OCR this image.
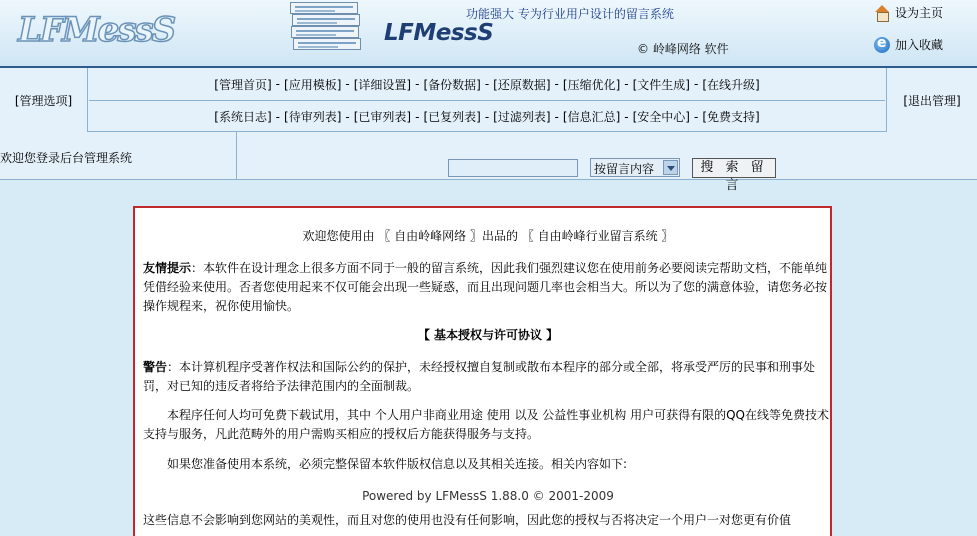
LFMessS	LFMessS
功能强大 专为行业用户设计的留言系统
© 岭峰网络 软件
设为主页
e
加入收藏
[管理选项]
[管理首页] - [应用模板] - [详细设置] - [备份数据] - [还原数据] - [压缩优化] - [文件生成] - [在线升级]
[系统日志] - [待审列表] - [已审列表] - [已复列表] - [过滤列表] - [信息汇总] - [安全中心] - [免费支持]
[退出管理]
欢迎您登录后台管理系统
按留言内容	搜 索 留 言

欢迎您使用由 〖 自由岭峰网络 〗出品的 〖 自由岭峰行业留言系统 〗

友情提示：本软件在设计理念上很多方面不同于一般的留言系统，因此我们强烈建议您在使用前务必要阅读完帮助文档，不能单纯凭借经验来使用。否者您使用起来不仅可能会出现一些疑惑，而且出现问题几率也会相当大。所以为了您的满意体验，请您务必按操作规程来，祝你使用愉快。

【 基本授权与许可协议 】

警告：本计算机程序受著作权法和国际公约的保护，未经授权擅自复制或散布本程序的部分或全部，将承受严厉的民事和刑事处罚，对已知的违反者将给予法律范围内的全面制裁。

本程序任何人均可免费下载试用，其中 个人用户非商业用途 使用 以及 公益性事业机构 用户可获得有限的QQ在线等免费技术支持与服务，凡此范畴外的用户需购买相应的授权后方能获得服务与支持。

如果您准备使用本系统，必须完整保留本软件版权信息以及其相关连接。相关内容如下:

Powered by LFMessS 1.88.0 © 2001-2009

这些信息不会影响到您网站的美观性，而且对您的使用也没有任何影响，因此您的授权与否将决定一个用户一对您更有价值
